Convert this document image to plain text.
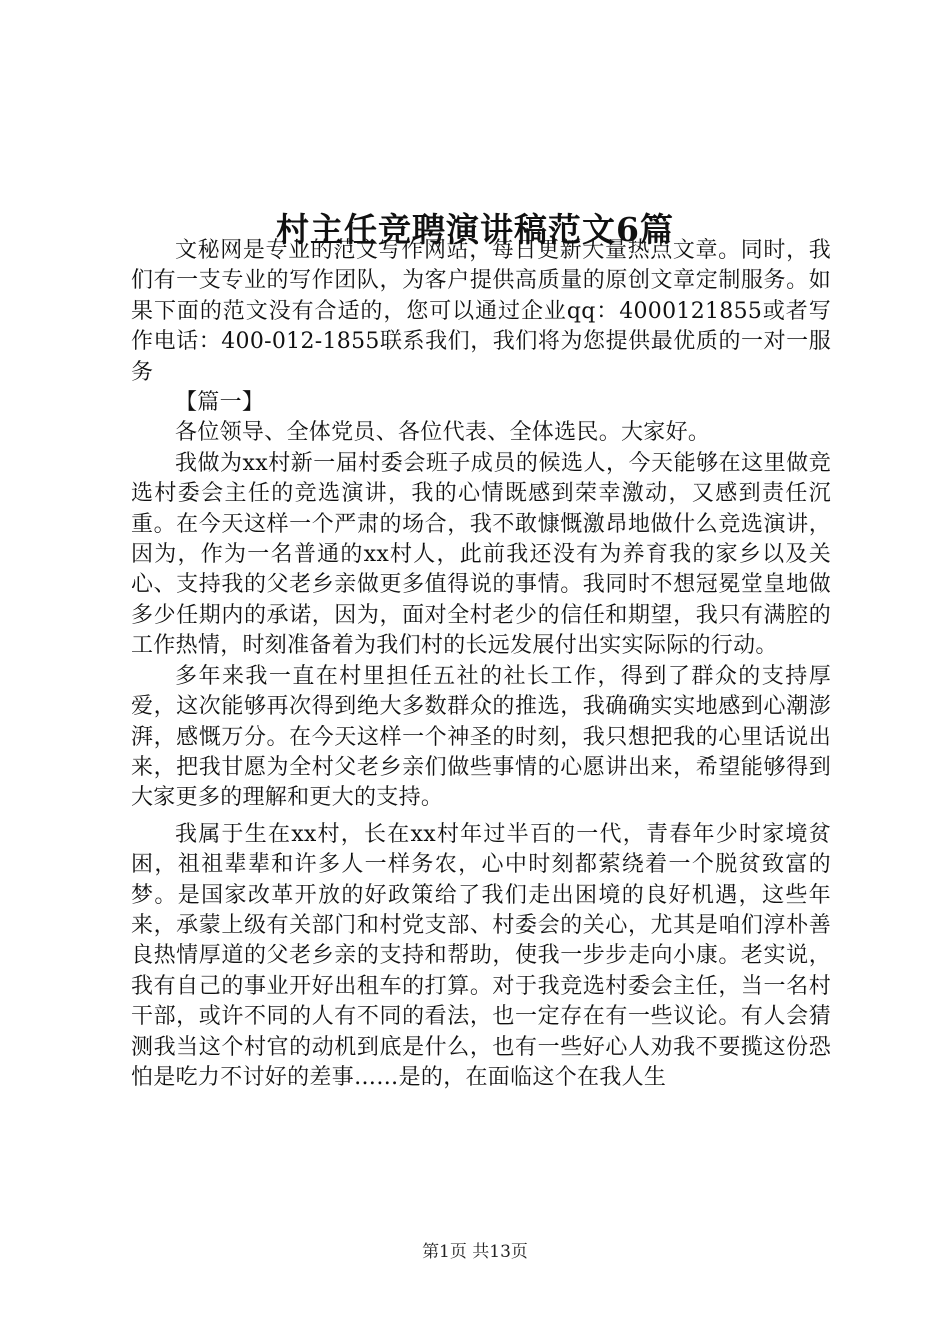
村主任竞聘演讲稿范文6篇

文秘网是专业的范文写作网站，每日更新大量热点文章。同时，我们有一支专业的写作团队，为客户提供高质量的原创文章定制服务。如果下面的范文没有合适的，您可以通过企业qq：4000121855或者写作电话：400-012-1855联系我们，我们将为您提供最优质的一对一服务

【篇一】

各位领导、全体党员、各位代表、全体选民。大家好。

我做为xx村新一届村委会班子成员的候选人，今天能够在这里做竞选村委会主任的竞选演讲，我的心情既感到荣幸激动，又感到责任沉重。在今天这样一个严肃的场合，我不敢慷慨激昂地做什么竞选演讲，因为，作为一名普通的xx村人，此前我还没有为养育我的家乡以及关心、支持我的父老乡亲做更多值得说的事情。我同时不想冠冕堂皇地做多少任期内的承诺，因为，面对全村老少的信任和期望，我只有满腔的工作热情，时刻准备着为我们村的长远发展付出实实际际的行动。

多年来我一直在村里担任五社的社长工作，得到了群众的支持厚爱，这次能够再次得到绝大多数群众的推选，我确确实实地感到心潮澎湃，感慨万分。在今天这样一个神圣的时刻，我只想把我的心里话说出来，把我甘愿为全村父老乡亲们做些事情的心愿讲出来，希望能够得到大家更多的理解和更大的支持。

我属于生在xx村，长在xx村年过半百的一代，青春年少时家境贫困，祖祖辈辈和许多人一样务农，心中时刻都萦绕着一个脱贫致富的梦。是国家改革开放的好政策给了我们走出困境的良好机遇，这些年来，承蒙上级有关部门和村党支部、村委会的关心，尤其是咱们淳朴善良热情厚道的父老乡亲的支持和帮助，使我一步步走向小康。老实说，我有自己的事业开好出租车的打算。对于我竞选村委会主任，当一名村干部，或许不同的人有不同的看法，也一定存在有一些议论。有人会猜测我当这个村官的动机到底是什么，也有一些好心人劝我不要揽这份恐怕是吃力不讨好的差事……是的，在面临这个在我人生

第1页 共13页
